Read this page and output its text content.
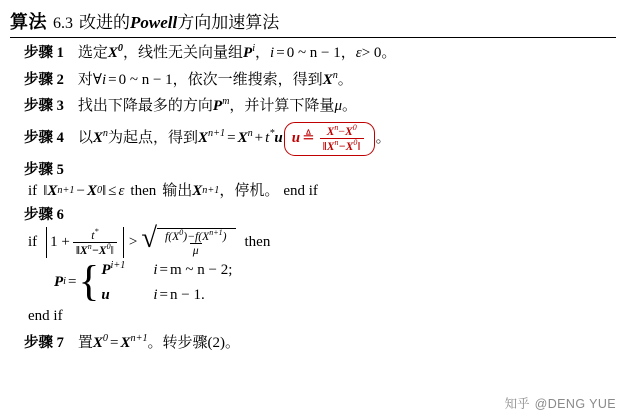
算法 6.3 改进的Powell方向加速算法
步骤 1 选定$X^0$，线性无关向量组$P^i$，i = 0 ~ n − 1，ε> 0。
步骤 2 对∀i = 0 ~ n − 1，依次一维搜索，得到$X^n$。
步骤 3 找出下降最多的方向$P^m$，并计算下降量μ。
步骤 4 以$X^n$为起点，得到$X^{n+1} = X^n + t^*u$ u ≜ $\frac{X^n-X^0}{‖X^n-X^0‖}$ 。
步骤 5
if ‖ X n+1 − X 0 ‖ ≤ ε then 输出 X n+1 ，停机。 end if
步骤 6
if $1 + \frac{t^*}{‖X^n-X^0‖}$ > √ $\frac{f(X^0)-f(X^{n+1})}{\mu}$ then
P i = { $P^{i+1}$	i = m ~ n − 2;
u	i = n − 1.
end if
步骤 7 置$X^0 = X^{n+1}$。转步骤(2)。
知乎 @DENG YUE
